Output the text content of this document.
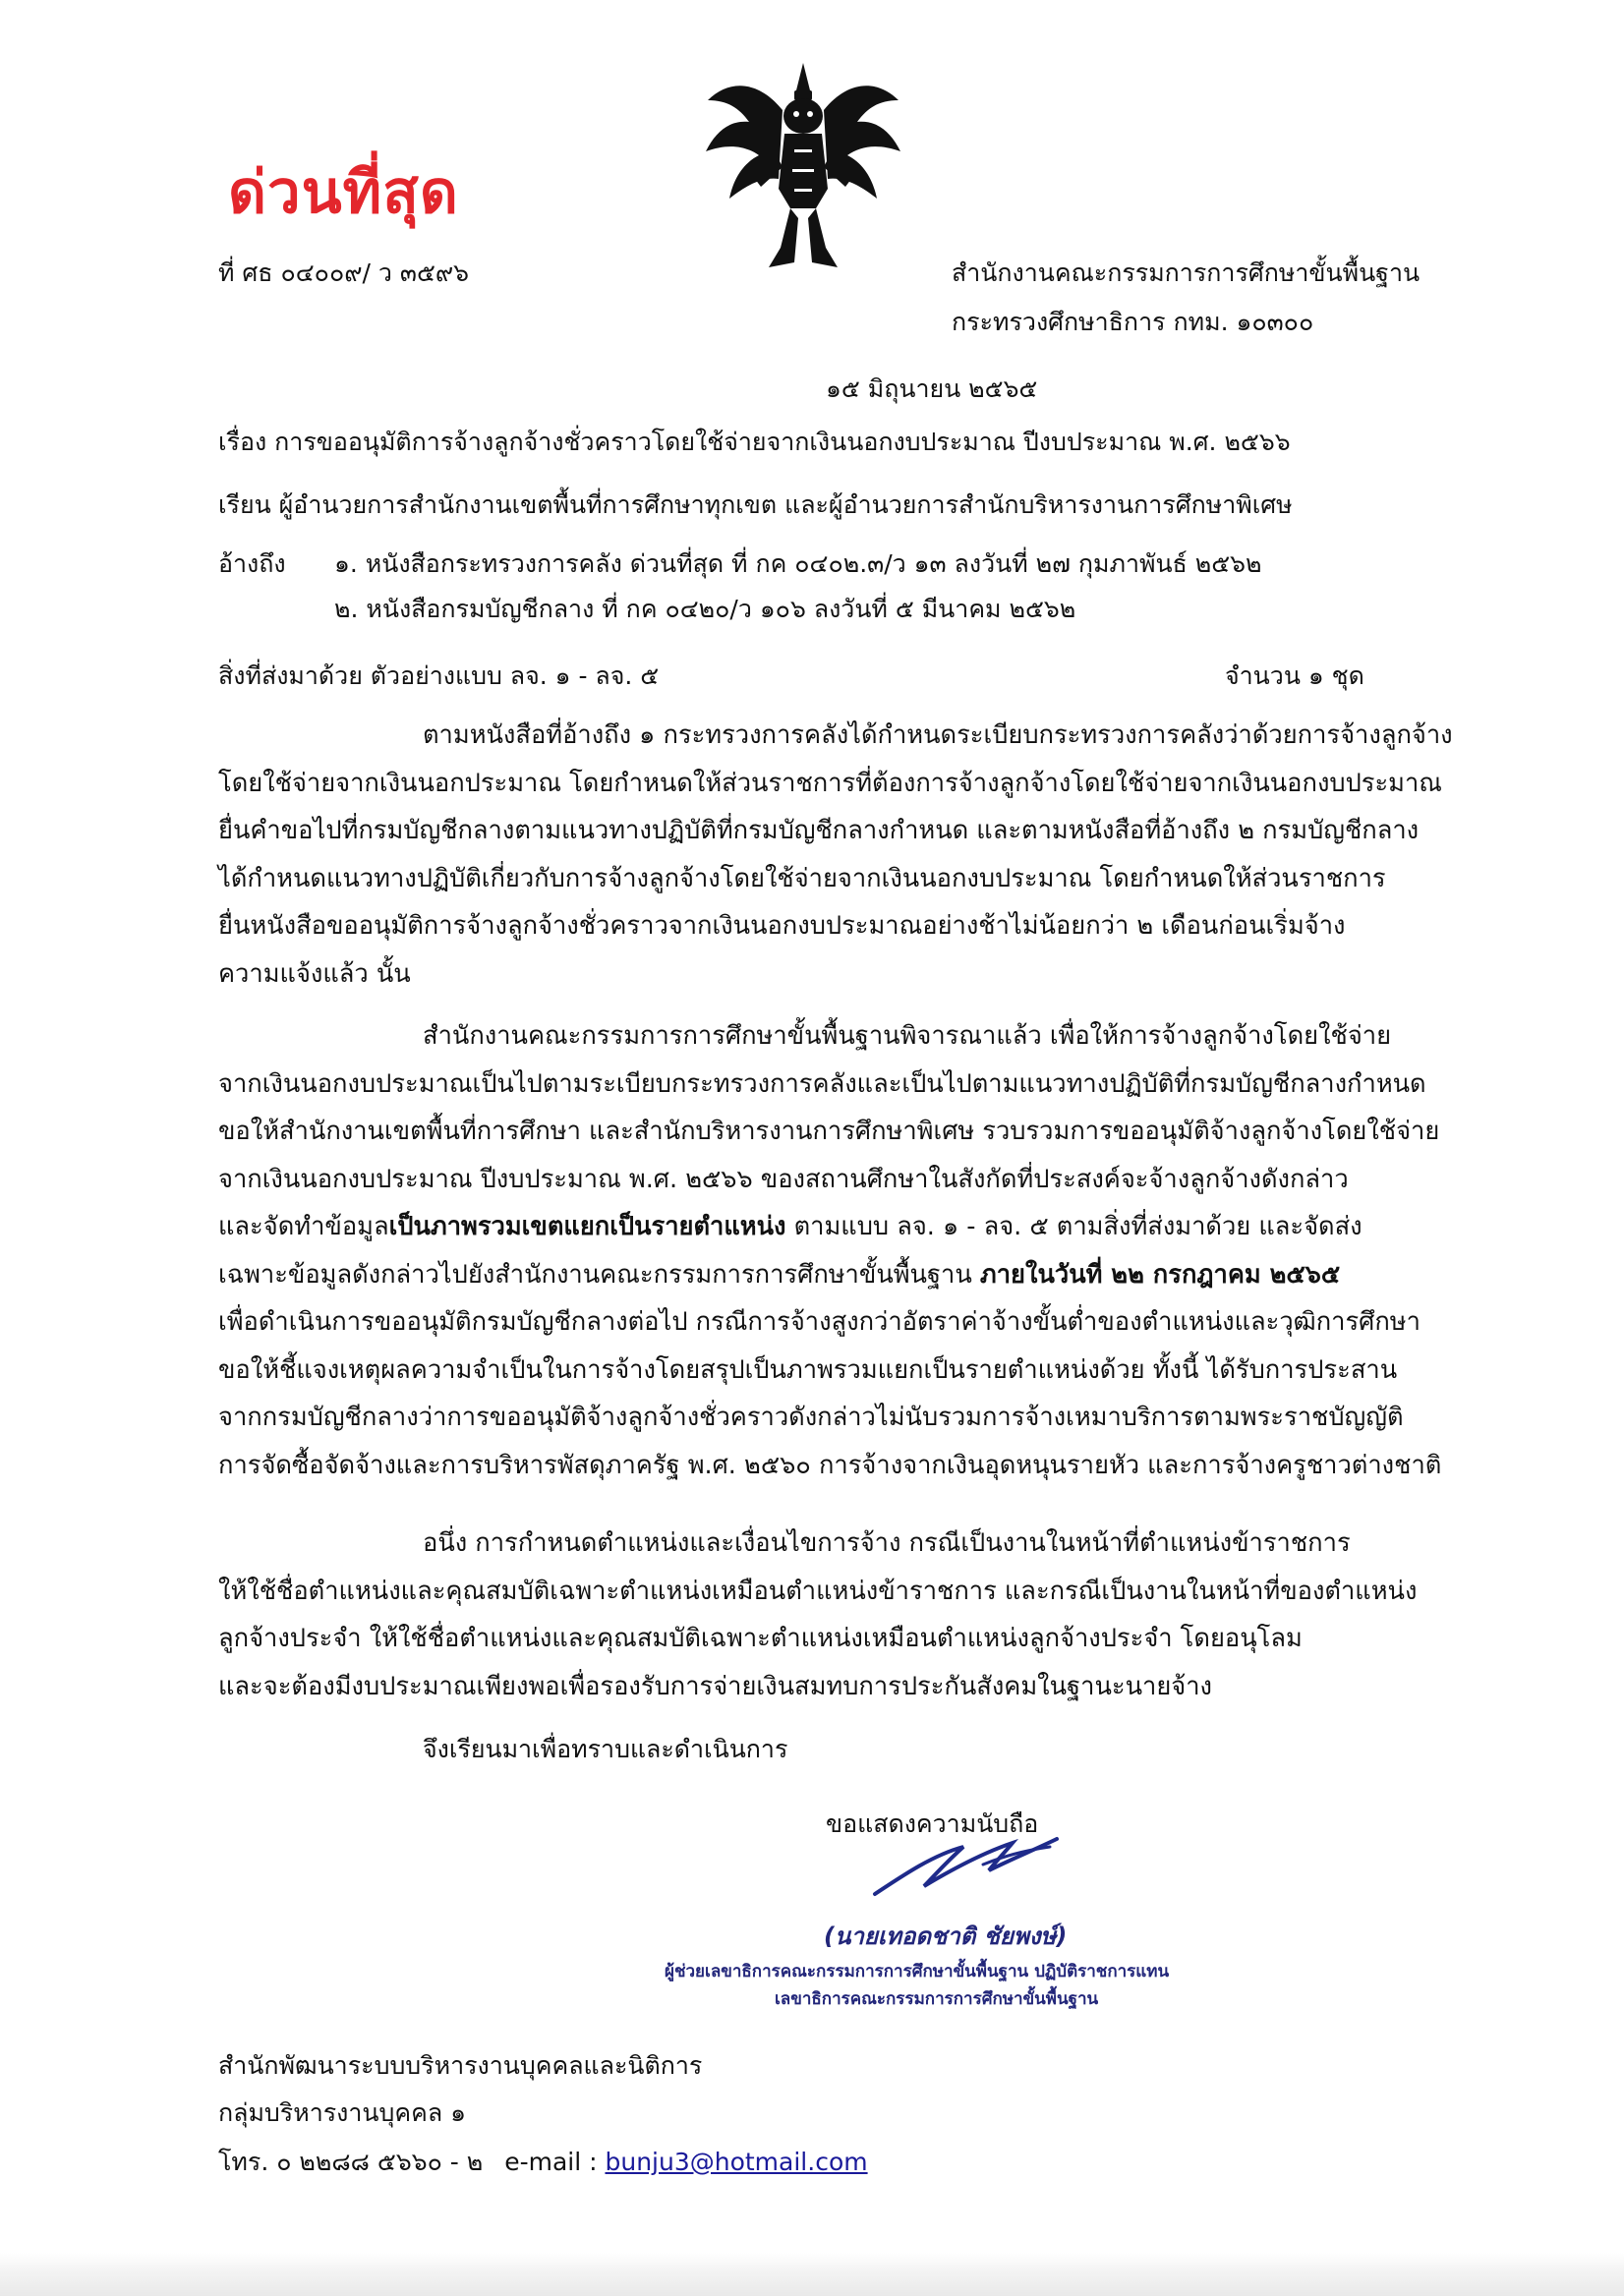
ด่วนที่สุด
ที่ ศธ ๐๔๐๐๙/ ว ๓๕๙๖	สำนักงานคณะกรรมการการศึกษาขั้นพื้นฐาน
กระทรวงศึกษาธิการ กทม. ๑๐๓๐๐
๑๕ มิถุนายน ๒๕๖๕
เรื่อง การขออนุมัติการจ้างลูกจ้างชั่วคราวโดยใช้จ่ายจากเงินนอกงบประมาณ ปีงบประมาณ พ.ศ. ๒๕๖๖
เรียน ผู้อำนวยการสำนักงานเขตพื้นที่การศึกษาทุกเขต และผู้อำนวยการสำนักบริหารงานการศึกษาพิเศษ
อ้างถึง ๑. หนังสือกระทรวงการคลัง ด่วนที่สุด ที่ กค ๐๔๐๒.๓/ว ๑๓ ลงวันที่ ๒๗ กุมภาพันธ์ ๒๕๖๒
๒. หนังสือกรมบัญชีกลาง ที่ กค ๐๔๒๐/ว ๑๐๖ ลงวันที่ ๕ มีนาคม ๒๕๖๒
สิ่งที่ส่งมาด้วย ตัวอย่างแบบ ลจ. ๑ - ลจ. ๕	จำนวน ๑ ชุด
ตามหนังสือที่อ้างถึง ๑ กระทรวงการคลังได้กำหนดระเบียบกระทรวงการคลังว่าด้วยการจ้างลูกจ้าง
โดยใช้จ่ายจากเงินนอกประมาณ โดยกำหนดให้ส่วนราชการที่ต้องการจ้างลูกจ้างโดยใช้จ่ายจากเงินนอกงบประมาณ
ยื่นคำขอไปที่กรมบัญชีกลางตามแนวทางปฏิบัติที่กรมบัญชีกลางกำหนด และตามหนังสือที่อ้างถึง ๒ กรมบัญชีกลาง
ได้กำหนดแนวทางปฏิบัติเกี่ยวกับการจ้างลูกจ้างโดยใช้จ่ายจากเงินนอกงบประมาณ โดยกำหนดให้ส่วนราชการ
ยื่นหนังสือขออนุมัติการจ้างลูกจ้างชั่วคราวจากเงินนอกงบประมาณอย่างช้าไม่น้อยกว่า ๒ เดือนก่อนเริ่มจ้าง
ความแจ้งแล้ว นั้น
สำนักงานคณะกรรมการการศึกษาขั้นพื้นฐานพิจารณาแล้ว เพื่อให้การจ้างลูกจ้างโดยใช้จ่าย
จากเงินนอกงบประมาณเป็นไปตามระเบียบกระทรวงการคลังและเป็นไปตามแนวทางปฏิบัติที่กรมบัญชีกลางกำหนด
ขอให้สำนักงานเขตพื้นที่การศึกษา และสำนักบริหารงานการศึกษาพิเศษ รวบรวมการขออนุมัติจ้างลูกจ้างโดยใช้จ่าย
จากเงินนอกงบประมาณ ปีงบประมาณ พ.ศ. ๒๕๖๖ ของสถานศึกษาในสังกัดที่ประสงค์จะจ้างลูกจ้างดังกล่าว
และจัดทำข้อมูลเป็นภาพรวมเขตแยกเป็นรายตำแหน่ง ตามแบบ ลจ. ๑ - ลจ. ๕ ตามสิ่งที่ส่งมาด้วย และจัดส่ง
เฉพาะข้อมูลดังกล่าวไปยังสำนักงานคณะกรรมการการศึกษาขั้นพื้นฐาน ภายในวันที่ ๒๒ กรกฎาคม ๒๕๖๕
เพื่อดำเนินการขออนุมัติกรมบัญชีกลางต่อไป กรณีการจ้างสูงกว่าอัตราค่าจ้างขั้นต่ำของตำแหน่งและวุฒิการศึกษา
ขอให้ชี้แจงเหตุผลความจำเป็นในการจ้างโดยสรุปเป็นภาพรวมแยกเป็นรายตำแหน่งด้วย ทั้งนี้ ได้รับการประสาน
จากกรมบัญชีกลางว่าการขออนุมัติจ้างลูกจ้างชั่วคราวดังกล่าวไม่นับรวมการจ้างเหมาบริการตามพระราชบัญญัติ
การจัดซื้อจัดจ้างและการบริหารพัสดุภาครัฐ พ.ศ. ๒๕๖๐ การจ้างจากเงินอุดหนุนรายหัว และการจ้างครูชาวต่างชาติ
อนึ่ง การกำหนดตำแหน่งและเงื่อนไขการจ้าง กรณีเป็นงานในหน้าที่ตำแหน่งข้าราชการ
ให้ใช้ชื่อตำแหน่งและคุณสมบัติเฉพาะตำแหน่งเหมือนตำแหน่งข้าราชการ และกรณีเป็นงานในหน้าที่ของตำแหน่ง
ลูกจ้างประจำ ให้ใช้ชื่อตำแหน่งและคุณสมบัติเฉพาะตำแหน่งเหมือนตำแหน่งลูกจ้างประจำ โดยอนุโลม
และจะต้องมีงบประมาณเพียงพอเพื่อรองรับการจ่ายเงินสมทบการประกันสังคมในฐานะนายจ้าง
จึงเรียนมาเพื่อทราบและดำเนินการ
ขอแสดงความนับถือ
(นายเทอดชาติ ชัยพงษ์)
ผู้ช่วยเลขาธิการคณะกรรมการการศึกษาขั้นพื้นฐาน ปฏิบัติราชการแทน
เลขาธิการคณะกรรมการการศึกษาขั้นพื้นฐาน
สำนักพัฒนาระบบบริหารงานบุคคลและนิติการ
กลุ่มบริหารงานบุคคล ๑
โทร. ๐ ๒๒๘๘ ๕๖๖๐ - ๒ e-mail : bunju3@hotmail.com
